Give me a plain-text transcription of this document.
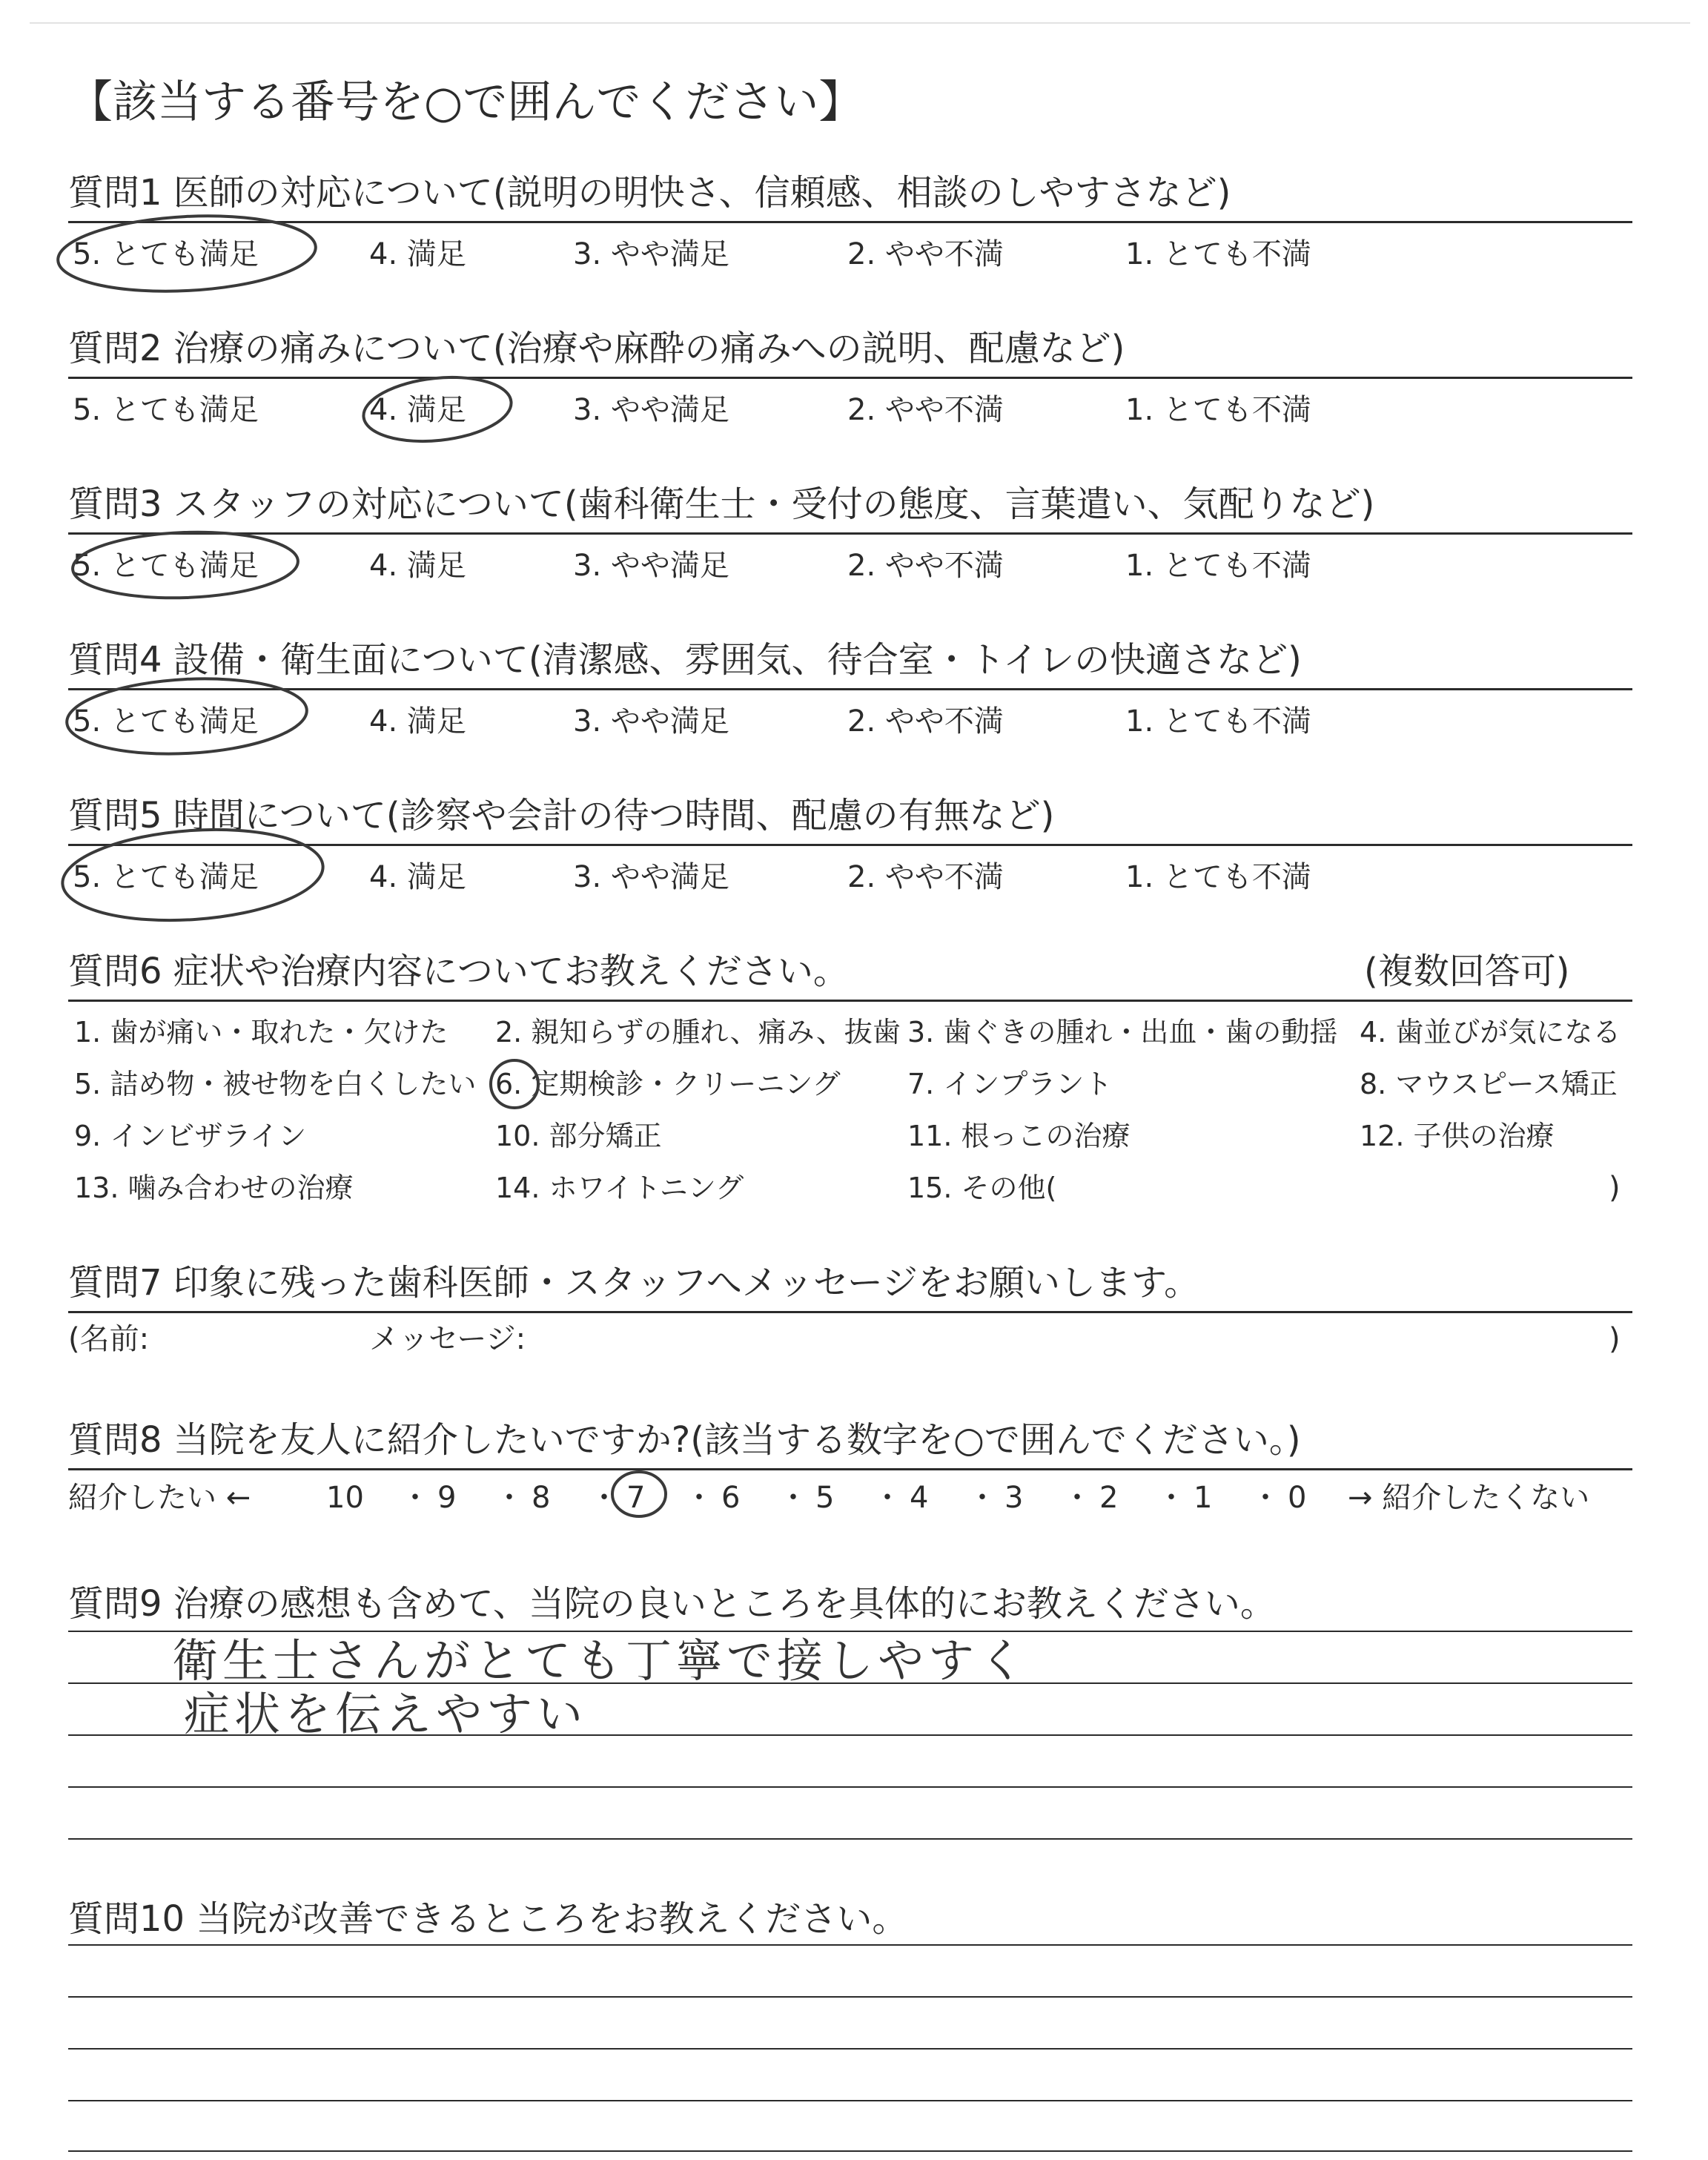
【該当する番号を○で囲んでください】
質問1 医師の対応について(説明の明快さ、信頼感、相談のしやすさなど)
5. とても満足	4. 満足	3. やや満足	2. やや不満	1. とても不満
質問2 治療の痛みについて(治療や麻酔の痛みへの説明、配慮など)
5. とても満足	4. 満足	3. やや満足	2. やや不満	1. とても不満
質問3 スタッフの対応について(歯科衛生士・受付の態度、言葉遣い、気配りなど)
5. とても満足	4. 満足	3. やや満足	2. やや不満	1. とても不満
質問4 設備・衛生面について(清潔感、雰囲気、待合室・トイレの快適さなど)
5. とても満足	4. 満足	3. やや満足	2. やや不満	1. とても不満
質問5 時間について(診察や会計の待つ時間、配慮の有無など)
5. とても満足	4. 満足	3. やや満足	2. やや不満	1. とても不満
質問6 症状や治療内容についてお教えください。	(複数回答可)
1. 歯が痛い・取れた・欠けた 2. 親知らずの腫れ、痛み、抜歯 3. 歯ぐきの腫れ・出血・歯の動揺 4. 歯並びが気になる
5. 詰め物・被せ物を白くしたい 6. 定期検診・クリーニング 7. インプラント	8. マウスピース矯正
9. インビザライン	10. 部分矯正	11. 根っこの治療	12. 子供の治療
13. 噛み合わせの治療	14. ホワイトニング	15. その他(	)
質問7 印象に残った歯科医師・スタッフへメッセージをお願いします。
(名前:	メッセージ:	)
質問8 当院を友人に紹介したいですか?(該当する数字を○で囲んでください。)
紹介したい ←	10 9	8	7	6	5	4	3	2	1	0
・ ・ ・ ・ ・ ・ ・ ・ ・ ・ → 紹介したくない
質問9 治療の感想も含めて、当院の良いところを具体的にお教えください。
衛生士さんがとても丁寧で接しやすく
症状を伝えやすい
質問10 当院が改善できるところをお教えください。
